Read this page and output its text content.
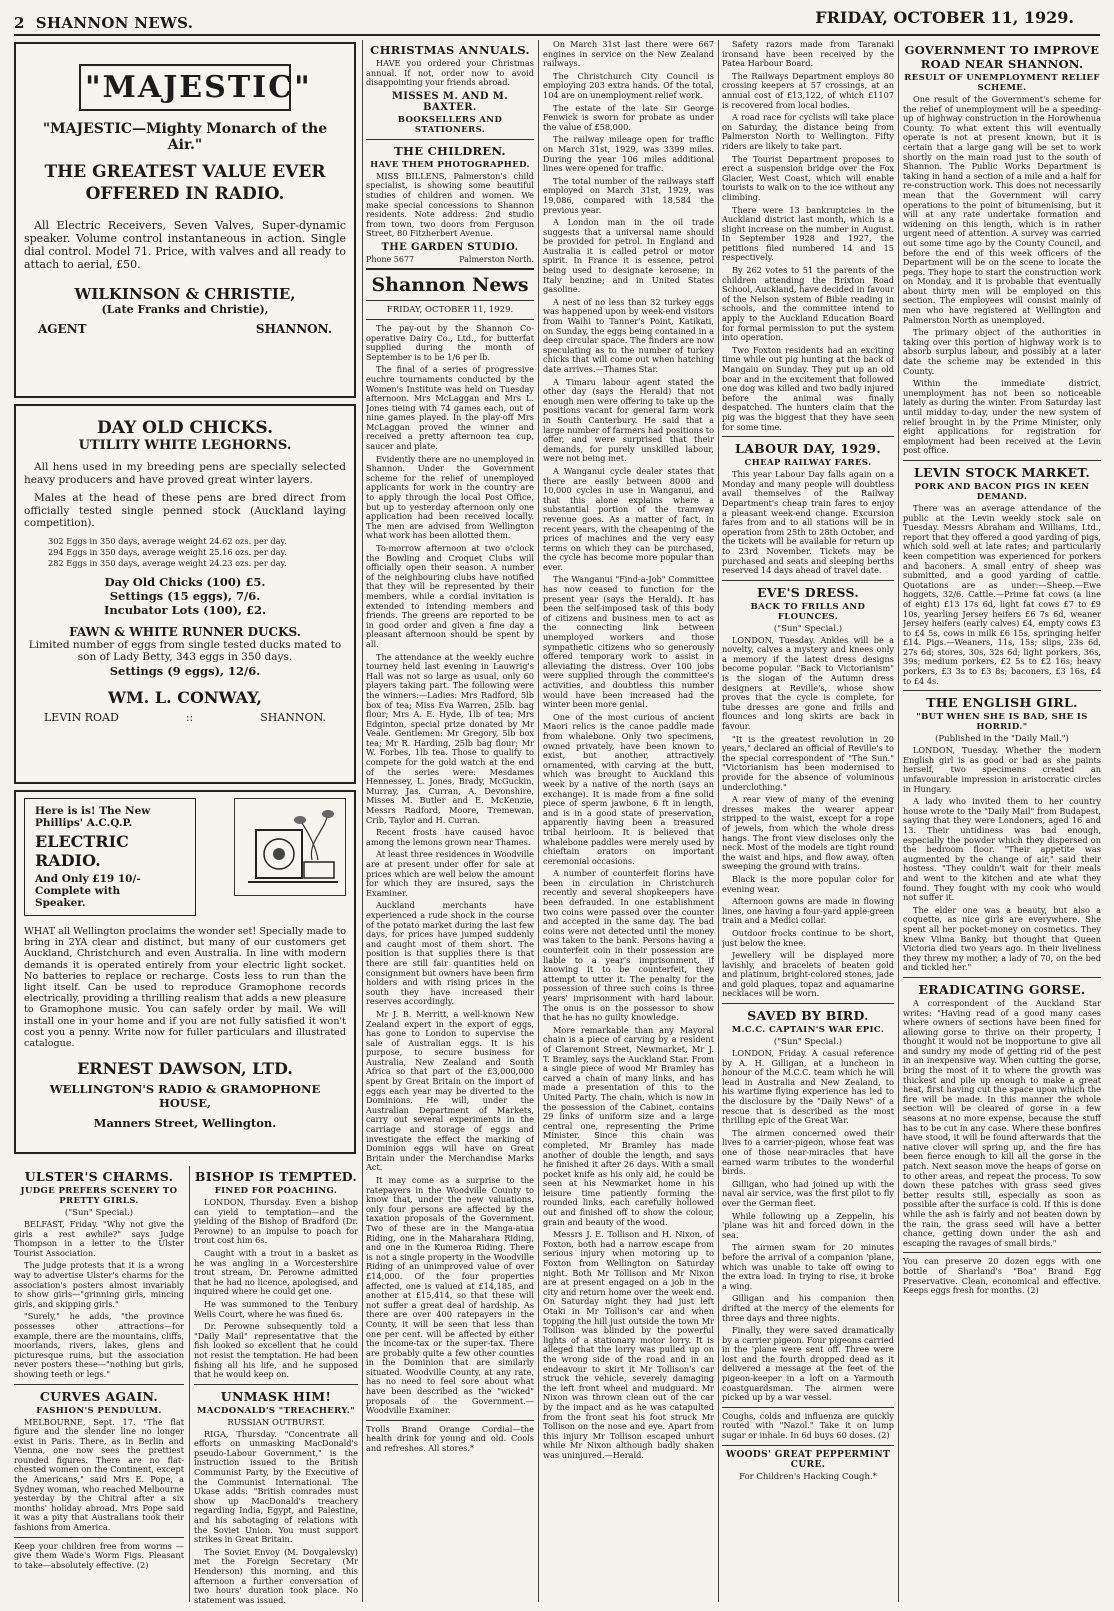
2 SHANNON NEWS.	FRIDAY, OCTOBER 11, 1929.
"MAJESTIC"
"MAJESTIC—Mighty Monarch of the Air."
THE GREATEST VALUE EVER OFFERED IN RADIO.

All Electric Receivers, Seven Valves, Super-dynamic speaker. Volume control instantaneous in action. Single dial control. Model 71. Price, with valves and all ready to attach to aerial, £50.

WILKINSON & CHRISTIE,
(Late Franks and Christie),
AGENT	SHANNON.
DAY OLD CHICKS.
UTILITY WHITE LEGHORNS.

All hens used in my breeding pens are specially selected heavy producers and have proved great winter layers.

Males at the head of these pens are bred direct from officially tested single penned stock (Auckland laying competition).

302 Eggs in 350 days, average weight 24.62 ozs. per day.
294 Eggs in 350 days, average weight 25.16 ozs. per day.
282 Eggs in 350 days, average weight 24.23 ozs. per day.
Day Old Chicks (100) £5.
Settings (15 eggs), 7/6.
Incubator Lots (100), £2.
FAWN & WHITE RUNNER DUCKS.
Limited number of eggs from single tested ducks mated to son of Lady Betty, 343 eggs in 350 days.
Settings (9 eggs), 12/6.
WM. L. CONWAY,
LEVIN ROAD	::	SHANNON.
Here is is! The New
Phillips' A.C.Q.P.
ELECTRIC RADIO.
And Only £19 10/-
Complete with
Speaker.

WHAT all Wellington proclaims the wonder set! Specially made to bring in 2YA clear and distinct, but many of our customers get Auckland, Christchurch and even Australia. In line with modern demands it is operated entirely from your electric light socket. No batteries to replace or recharge. Costs less to run than the light itself. Can be used to reproduce Gramophone records electrically, providing a thrilling realism that adds a new pleasure to Gramophone music. You can safely order by mail. We will install one in your home and if you are not fully satisfied it won't cost you a penny. Write now for fuller particulars and illustrated catalogue.

ERNEST DAWSON, LTD.
WELLINGTON'S RADIO & GRAMOPHONE HOUSE,
Manners Street, Wellington.
ULSTER'S CHARMS.
JUDGE PREFERS SCENERY TO PRETTY GIRLS.
("Sun" Special.)

BELFAST, Friday. "Why not give the girls a rest awhile?" says Judge Thompson in a letter to the Ulster Tourist Association.

The judge protests that it is a wrong way to advertise Ulster's charms for the association's posters almost invariably to show girls—"grinning girls, mincing girls, and skipping girls."

"Surely," he adds, "the province possesses other attractions—for example, there are the mountains, cliffs, moorlands, rivers, lakes, glens and picturesque ruins, but the association never posters these—"nothing but girls, showing teeth or legs."

CURVES AGAIN.
FASHION'S PENDULUM.

MELBOURNE, Sept. 17. "The flat figure and the slender line no longer exist in Paris. There, as in Berlin and Vienna, one now sees the prettiest rounded figures. There are no flat-chested women on the Continent, except the Americans," said Mrs E. Pope, a Sydney woman, who reached Melbourne yesterday by the Chitral after a six months' holiday abroad. Mrs Pope said it was a pity that Australians took their fashions from America.

Keep your children free from worms —give them Wade's Worm Figs. Pleasant to take—absolutely effective. (2)

BISHOP IS TEMPTED.
FINED FOR POACHING.

LONDON, Thursday. Even a bishop can yield to temptation—and the yielding of the Bishop of Bradford (Dr. Perowne) to an impulse to poach for trout cost him 6s.

Caught with a trout in a basket as he was angling in a Worcestershire trout stream, Dr. Perowne admitted that he had no licence, apologised, and inquired where he could get one.

He was summoned to the Tenbury Wells Court, where he was fined 6s.

Dr. Perowne subsequently told a "Daily Mail" representative that the fish looked so excellent that he could not resist the temptation. He had been fishing all his life, and he supposed that he would keep on.

UNMASK HIM!
MACDONALD'S "TREACHERY."
RUSSIAN OUTBURST.

RIGA, Thursday. "Concentrate all efforts on unmasking MacDonald's pseudo-Labour Government," is the instruction issued to the British Communist Party, by the Executive of the Communist International. The Ukase adds: "British comrades must show up MacDonald's treachery regarding India, Egypt, and Palestine, and his sabotaging of relations with the Soviet Union. You must support strikes in Great Britain.

The Soviet Envoy (M. Dovgalevsky) met the Foreign Secretary (Mr Henderson) this morning, and this afternoon a further conversation of two hours' duration took place. No statement was issued.

CHRISTMAS ANNUALS.

HAVE you ordered your Christmas annual. If not, order now to avoid disappointing your friends abroad.

MISSES M. AND M. BAXTER.
BOOKSELLERS AND STATIONERS.
THE CHILDREN.
HAVE THEM PHOTOGRAPHED.

MISS BILLENS, Palmerston's child specialist, is showing some beautiful studies of children and women. We make special concessions to Shannon residents. Note address: 2nd studio from town, two doors from Ferguson Street, 80 Fitzherbert Avenue.

THE GARDEN STUDIO.
Phone 5677	Palmerston North.
Shannon News
FRIDAY, OCTOBER 11, 1929.

The pay-out by the Shannon Co-operative Dairy Co., Ltd., for butterfat supplied during the month of September is to be 1/6 per lb.

The final of a series of progressive euchre tournaments conducted by the Women's Institute was held on Tuesday afternoon. Mrs McLaggan and Mrs L. Jones tieing with 74 games each, out of nine games played. In the play-off Mrs McLaggan proved the winner and received a pretty afternoon tea cup, saucer and plate.

Evidently there are no unemployed in Shannon. Under the Government scheme for the relief of unemployed applicants for work in the country are to apply through the local Post Office, but up to yesterday afternoon only one application had been received locally. The men are advised from Wellington what work has been allotted them.

To-morrow afternoon at two o'clock the Bowling and Croquet Clubs will officially open their season. A number of the neighbouring clubs have notified that they will be represented by their members, while a cordial invitation is extended to intending members and friends. The greens are reported to be in good order and given a fine day a pleasant afternoon should be spent by all.

The attendance at the weekly euchre tourney held last evening in Lauwrig's Hall was not so large as usual, only 60 players taking part. The following were the winners:—Ladies: Mrs Radford, 5lb box of tea; Miss Eva Warren, 25lb. bag flour; Mrs A. E. Hyde, 1lb of tea; Mrs Edginton, special prize donated by Mr Veale. Gentlemen: Mr Gregory, 5lb box tea; Mr R. Harding, 25lb bag flour; Mr W. Forbes, 1lb tea. Those to qualify to compete for the gold watch at the end of the series were: Mesdames Hennessey, L. Jones, Brady, McGuckin, Murray, Jas. Curran, A. Devonshire, Misses M. Butler and E. McKenzie, Messrs Radford, Moore, Tremewan, Crib, Taylor and H. Curran.

Recent frosts have caused havoc among the lemons grown near Thames.

At least three residences in Woodville are at present under offer for sale at prices which are well below the amount for which they are insured, says the Examiner.

Auckland merchants have experienced a rude shock in the course of the potato market during the last few days, for prices have jumped suddenly and caught most of them short. The position is that supplies there is that there are still fair quantities held on consignment but owners have been firm holders and with rising prices in the south they have increased their reserves accordingly.

Mr J. B. Merritt, a well-known New Zealand expert in the export of eggs, has gone to London to supervise the sale of Australian eggs. It is his purpose, to secure business for Australia, New Zealand and South Africa so that part of the £3,000,000 spent by Great Britain on the import of eggs each year may be diverted to the Dominions. He will, under the Australian Department of Markets, carry out several experiments in the carriage and storage of eggs and investigate the effect the marking of Dominion eggs will have on Great Britain under the Merchandise Marks Act.

It may come as a surprise to the ratepayers in the Woodville County to know that, under the new valuations, only four persons are affected by the taxation proposals of the Government. Two of these are in the Manga-atua Riding, one in the Maharahara Riding, and one in the Kumeroa Riding. There is not a single property in the Woodville Riding of an unimproved value of over £14,000. Of the four properties affected, one is valued at £14,185, and another at £15,414, so that these will not suffer a great deal of hardship. As there are over 400 ratepayers in the County, it will be seen that less than one per cent. will be affected by either the income-tax or the super-tax. There are probably quite a few other counties in the Dominion that are similarly situated. Woodville County, at any rate, has no need to feel sore about what have been described as the "wicked" proposals of the Government.—Woodville Examiner.

Trolls Brand Orange Cordial—the health drink for young and old. Cools and refreshes. All stores.*

On March 31st last there were 667 engines in service on the New Zealand railways.

The Christchurch City Council is employing 203 extra hands. Of the total, 104 are on unemployment relief work.

The estate of the late Sir George Fenwick is sworn for probate as under the value of £58,000.

The railway mileage open for traffic on March 31st, 1929, was 3399 miles. During the year 106 miles additional lines were opened for traffic.

The total number of the railways staff employed on March 31st, 1929, was 19,086, compared with 18,584 the previous year.

A London man in the oil trade suggests that a universal name should be provided for petrol. In England and Australia it is called petrol or motor spirit. In France it is essence, petrol being used to designate kerosene; in Italy benzine; and in United States gasoline.

A nest of no less than 32 turkey eggs was happened upon by week-end visitors from Waihi to Tanner's Point, Katikati, on Sunday, the eggs being contained in a deep circular space. The finders are now speculating as to the number of turkey chicks that will come out when hatching date arrives.—Thames Star.

A Timaru labour agent stated the other day (says the Herald) that not enough men were offering to take up the positions vacant for general farm work in South Canterbury. He said that a large number of farmers had positions to offer, and were surprised that their demands, for purely unskilled labour, were not being met.

A Wanganui cycle dealer states that there are easily between 8000 and 10,000 cycles in use in Wanganui, and that this alone explains where a substantial portion of the tramway revenue goes. As a matter of fact, in recent years, with the cheapening of the prices of machines and the very easy terms on which they can be purchased, the cycle has become more popular than ever.

The Wanganui "Find-a-Job" Committee has now ceased to function for the present year (says the Herald). It has been the self-imposed task of this body of citizens and business men to act as the connecting link between unemployed workers and those sympathetic citizens who so generously offered temporary work to assist in alleviating the distress. Over 100 jobs were supplied through the committee's activities, and doubtless this number would have been increased had the winter been more genial.

One of the most curious of ancient Maori relics is the canoe paddle made from whalebone. Only two specimens, owned privately, have been known to exist, but another, attractively ornamented, with carving at the butt, which was brought to Auckland this week by a native of the north (says an exchange). It is made from a fine solid piece of sperm jawbone, 6 ft in length, and is in a good state of preservation, apparently having been a treasured tribal heirloom. It is believed that whalebone paddles were merely used by chieftain orators on important ceremonial occasions.

A number of counterfeit florins have been in circulation in Christchurch recently and several shopkeepers have been defrauded. In one establishment two coins were passed over the counter and accepted in the same day. The bad coins were not detected until the money was taken to the bank. Persons having a counterfeit coin in their possession are liable to a year's imprisonment, if knowing it to be counterfeit, they attempt to utter it. The penalty for the possession of three such coins is three years' imprisonment with hard labour. The onus is on the possessor to show that he has no guilty knowledge.

More remarkable than any Mayoral chain is a piece of carving by a resident of Claremont Street, Newmarket, Mr J. T. Bramley, says the Auckland Star. From a single piece of wood Mr Bramley has carved a chain of many links, and has made a presentation of this to the United Party. The chain, which is now in the possession of the Cabinet, contains 29 links of uniform size and a large central one, representing the Prime Minister. Since this chain was completed, Mr Bramley has made another of double the length, and says he finished it after 26 days. With a small pocket knife as his only aid, he could be seen at his Newmarket home in his leisure time patiently forming the rounded links, each carefully hollowed out and finished off to show the colour, grain and beauty of the wood.

Messrs J. E. Tollison and H. Nixon, of Foxton, both had a narrow escape from serious injury when motoring up to Foxton from Wellington on Saturday night. Both Mr Tollison and Mr Nixon are at present engaged on a job in the city and return home over the week end. On Saturday night they had just left Otaki in Mr Tollison's car and when topping the hill just outside the town Mr Tollison was blinded by the powerful lights of a stationary motor lorry. It is alleged that the lorry was pulled up on the wrong side of the road and in an endeavour to skirt it Mr Tollison's car struck the vehicle, severely damaging the left front wheel and mudguard. Mr Nixon was thrown clean out of the car by the impact and as he was catapulted from the front seat his foot struck Mr Tollison on the nose and eye. Apart from this injury Mr Tollison escaped unhurt while Mr Nixon although badly shaken was uninjured.—Herald.

Safety razors made from Taranaki ironsand have been received by the Patea Harbour Board.

The Railways Department employs 80 crossing keepers at 57 crossings, at an annual cost of £13,122, of which £1107 is recovered from local bodies.

A road race for cyclists will take place on Saturday, the distance being from Palmerston North to Wellington. Fifty riders are likely to take part.

The Tourist Department proposes to erect a suspension bridge over the Fox Glacier, West Coast, which will enable tourists to walk on to the ice without any climbing.

There were 13 bankruptcies in the Auckland district last month, which is a slight increase on the number in August. In September 1928 and 1927, the petitions filed numbered 14 and 15 respectively.

By 262 votes to 51 the parents of the children attending the Brixton Road School, Auckland, have decided in favour of the Nelson system of Bible reading in schools, and the committee intend to apply to the Auckland Education Board for formal permission to put the system into operation.

Two Foxton residents had an exciting time while out pig hunting at the back of Mangaiu on Sunday. They put up an old boar and in the excitement that followed one dog was killed and two badly injured before the animal was finally despatched. The hunters claim that the pig was the biggest that they have seen for some time.

LABOUR DAY, 1929.
CHEAP RAILWAY FARES.

This year Labour Day falls again on a Monday and many people will doubtless avail themselves of the Railway Department's cheap train fares to enjoy a pleasant week-end change. Excursion fares from and to all stations will be in operation from 25th to 28th October, and the tickets will be available for return up to 23rd November. Tickets may be purchased and seats and sleeping berths reserved 14 days ahead of travel date.

EVE'S DRESS.
BACK TO FRILLS AND FLOUNCES.
("Sun" Special.)

LONDON, Tuesday. Ankles will be a novelty, calves a mystery and knees only a memory if the latest dress designs become popular. "Back to Victorianism" is the slogan of the Autumn dress designers at Reville's, whose show proves that the cycle is complete, for tube dresses are gone and frills and flounces and long skirts are back in favour.

"It is the greatest revolution in 20 years," declared an official of Reville's to the special correspondent of "The Sun." "Victorianism has been modernised to provide for the absence of voluminous underclothing."

A rear view of many of the evening dresses makes the wearer appear stripped to the waist, except for a rope of jewels, from which the whole dress hangs. The front view discloses only the neck. Most of the models are tight round the waist and hips, and flow away, often sweeping the ground with trains.

Black is the more popular color for evening wear.

Afternoon gowns are made in flowing lines, one having a four-yard apple-green train and a Medici collar.

Outdoor frocks continue to be short, just below the knee.

Jewellery will be displayed more lavishly, and bracelets of beaten gold and platinum, bright-colored stones, jade and gold plaques, topaz and aquamarine necklaces will be worn.

SAVED BY BIRD.
M.C.C. CAPTAIN'S WAR EPIC.
("Sun" Special.)

LONDON, Friday. A casual reference by A. H. Gilligan, at a luncheon in honour of the M.C.C. team which he will lead in Australia and New Zealand, to his wartime flying experience has led to the disclosure by the "Daily News" of a rescue that is described as the most thrilling epic of the Great War.

The airmen concerned owed their lives to a carrier-pigeon, whose feat was one of those near-miracles that have earned warm tributes to the wonderful birds.

Gilligan, who had joined up with the naval air service, was the first pilot to fly over the German fleet.

While following up a Zeppelin, his 'plane was hit and forced down in the sea.

The airmen swam for 20 minutes before the arrival of a companion 'plane, which was unable to take off owing to the extra load. In trying to rise, it broke a wing.

Gilligan and his companion then drifted at the mercy of the elements for three days and three nights.

Finally, they were saved dramatically by a carrier pigeon. Four pigeons carried in the 'plane were sent off. Three were lost and the fourth dropped dead as it delivered a message at the feet of the pigeon-keeper in a loft on a Yarmouth coastguardsman. The airmen were picked up by a war vessel.

Coughs, colds and influenza are quickly routed with "Nazol." Take it on lump sugar or inhale. In 6d buys 60 doses. (2)

WOODS' GREAT PEPPERMINT CURE.
For Children's Hacking Cough.*
GOVERNMENT TO IMPROVE ROAD NEAR SHANNON.
RESULT OF UNEMPLOYMENT RELIEF SCHEME.

One result of the Government's scheme for the relief of unemployment will be a speeding-up of highway construction in the Horowhenua County. To what extent this will eventually operate is not at present known, but it is certain that a large gang will be set to work shortly on the main road just to the south of Shannon. The Public Works Department is taking in hand a section of a mile and a half for re-construction work. This does not necessarily mean that the Government will carry operations to the point of bitumenising, but it will at any rate undertake formation and widening on this length, which is in rather urgent need of attention. A survey was carried out some time ago by the County Council, and before the end of this week officers of the Department will be on the scene to locate the pegs. They hope to start the construction work on Monday, and it is probable that eventually about thirty men will be employed on this section. The employees will consist mainly of men who have registered at Wellington and Palmerston North as unemployed.

The primary object of the authorities in taking over this portion of highway work is to absorb surplus labour, and possibly at a later date the scheme may be extended in this County.

Within the immediate district, unemployment has not been so noticeable lately as during the winter. From Saturday last until midday to-day, under the new system of relief brought in by the Prime Minister, only eight applications for registration for employment had been received at the Levin post office.

LEVIN STOCK MARKET.
PORK AND BACON PIGS IN KEEN DEMAND.

There was an average attendance of the public at the Levin weekly stock sale on Tuesday. Messrs Abraham and Williams, Ltd., report that they offered a good yarding of pigs, which sold well at late rates; and particularly keen competition was experienced for porkers and baconers. A small entry of sheep was submitted, and a good yarding of cattle. Quotations are as under:—Sheep.—Ewe hoggets, 32/6. Cattle.—Prime fat cows (a line of eight) £13 17s 6d, light fat cows £7 to £9 10s, yearling Jersey heifers £6 7s 6d, weaner Jersey heifers (early calves) £4, empty cows £3 to £4 5s, cows in milk £6 15s, springing heifer £14. Pigs.—Weaners, 11s, 15s; slips, 23s 6d, 27s 6d; stores, 30s, 32s 6d; light porkers, 36s, 39s; medium porkers, £2 5s to £2 16s; heavy porkers, £3 3s to £3 8s; baconers, £3 16s, £4 to £4 4s.

THE ENGLISH GIRL.
"BUT WHEN SHE IS BAD, SHE IS HORRID."
(Published in the "Daily Mail.")

LONDON, Tuesday. Whether the modern English girl is as good or bad as she paints herself, two specimens created an unfavourable impression in aristocratic circles in Hungary.

A lady who invited them to her country house wrote to the "Daily Mail" from Budapest, saying that they were Londoners, aged 16 and 13. Their untidiness was bad enough, especially the powder which they dispersed on the bedroom floor. "Their appetite was augmented by the change of air," said their hostess. "They couldn't wait for their meals and went to the kitchen and ate what they found. They fought with my cook who would not suffer it.

The elder one was a beauty, but also a coquette, as nice girls are everywhere. She spent all her pocket-money on cosmetics. They knew Vilma Banky, but thought that Queen Victoria died two years ago. In their liveliness they threw my mother, a lady of 70, on the bed and tickled her."

ERADICATING GORSE.

A correspondent of the Auckland Star writes: "Having read of a good many cases where owners of sections have been fined for allowing gorse to thrive on their property, I thought it would not be inopportune to give all and sundry my mode of getting rid of the pest in an inexpensive way. When cutting the gorse, bring the most of it to where the growth was thickest and pile up enough to make a great heat, first having cut the space upon which the fire will be made. In this manner the whole section will be cleared of gorse in a few seasons at no more expense, because the stuff has to be cut in any case. Where these bonfires have stood, it will be found afterwards that the native clover will spring up, and the fire has been fierce enough to kill all the gorse in the patch. Next season move the heaps of gorse on to other areas, and repeat the process. To sow down these patches with grass seed gives better results still, especially as soon as possible after the surface is cold. If this is done while the ash is fairly and not beaten down by the rain, the grass seed will have a better chance, getting down under the ash and escaping the ravages of small birds."

You can preserve 20 dozen eggs with one bottle of Sharland's "Boa" Brand Egg Preservative. Clean, economical and effective. Keeps eggs fresh for months. (2)
